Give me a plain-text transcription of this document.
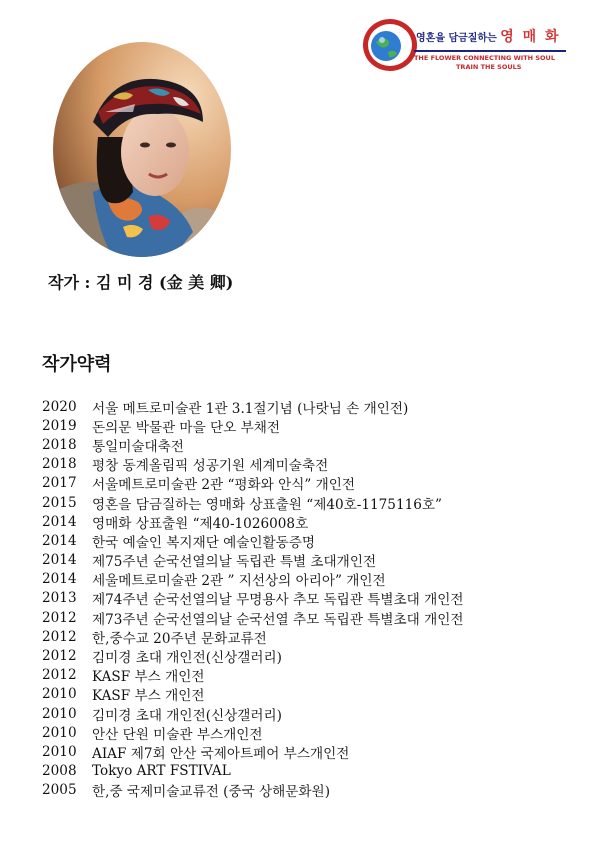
영혼을 담금질하는 영 매 화
THE FLOWER CONNECTING WITH SOUL
TRAIN THE SOULS
작가 : 김 미 경 (金 美 卿)
작가약력
2020	서울 메트로미술관 1관 3.1절기념 (나랏님 손 개인전)
2019	돈의문 박물관 마을 단오 부채전
2018	통일미술대축전
2018	평창 동계올림픽 성공기원 세계미술축전
2017	서울메트로미술관 2관 “평화와 안식” 개인전
2015	영혼을 담금질하는 영매화 상표출원 “제40호-1175116호”
2014	영매화 상표출원 “제40-1026008호
2014	한국 예술인 복지재단 예술인활동증명
2014	제75주년 순국선열의날 독립관 특별 초대개인전
2014	세울메트로미술관 2관 ” 지선상의 아리아” 개인전
2013	제74주년 순국선열의날 무명용사 추모 독립관 특별초대 개인전
2012	제73주년 순국선열의날 순국선열 추모 독립관 특별초대 개인전
2012	한,중수교 20주년 문화교류전
2012	김미경 초대 개인전(신상갤러리)
2012	KASF 부스 개인전
2010	KASF 부스 개인전
2010	김미경 초대 개인전(신상갤러리)
2010	안산 단원 미술관 부스개인전
2010	AIAF 제7회 안산 국제아트페어 부스개인전
2008	Tokyo ART FSTIVAL
2005	한,중 국제미술교류전 (중국 상해문화원)
